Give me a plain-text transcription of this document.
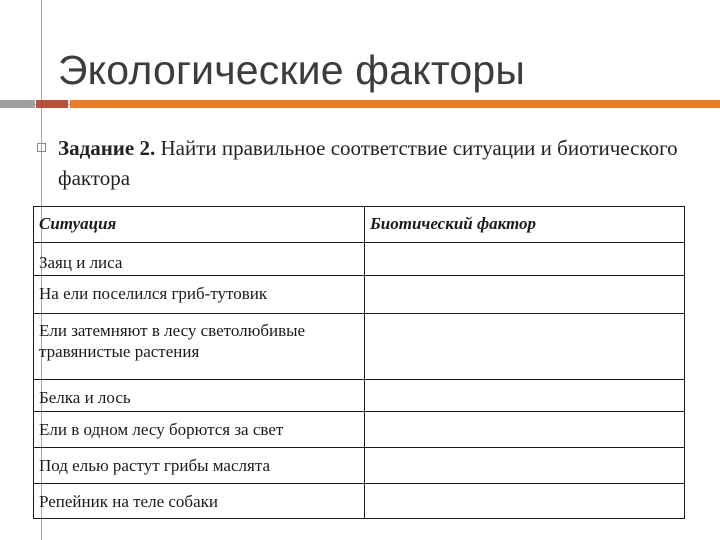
Экологические факторы
Задание 2. Найти правильное соответствие ситуации и биотического фактора
Ситуация	Биотический фактор
Заяц и лиса	
На ели поселился гриб-тутовик	
Ели затемняют в лесу светолюбивые травянистые растения	
Белка и лось	
Ели в одном лесу борются за свет	
Под елью растут грибы маслята	
Репейник на теле собаки	
